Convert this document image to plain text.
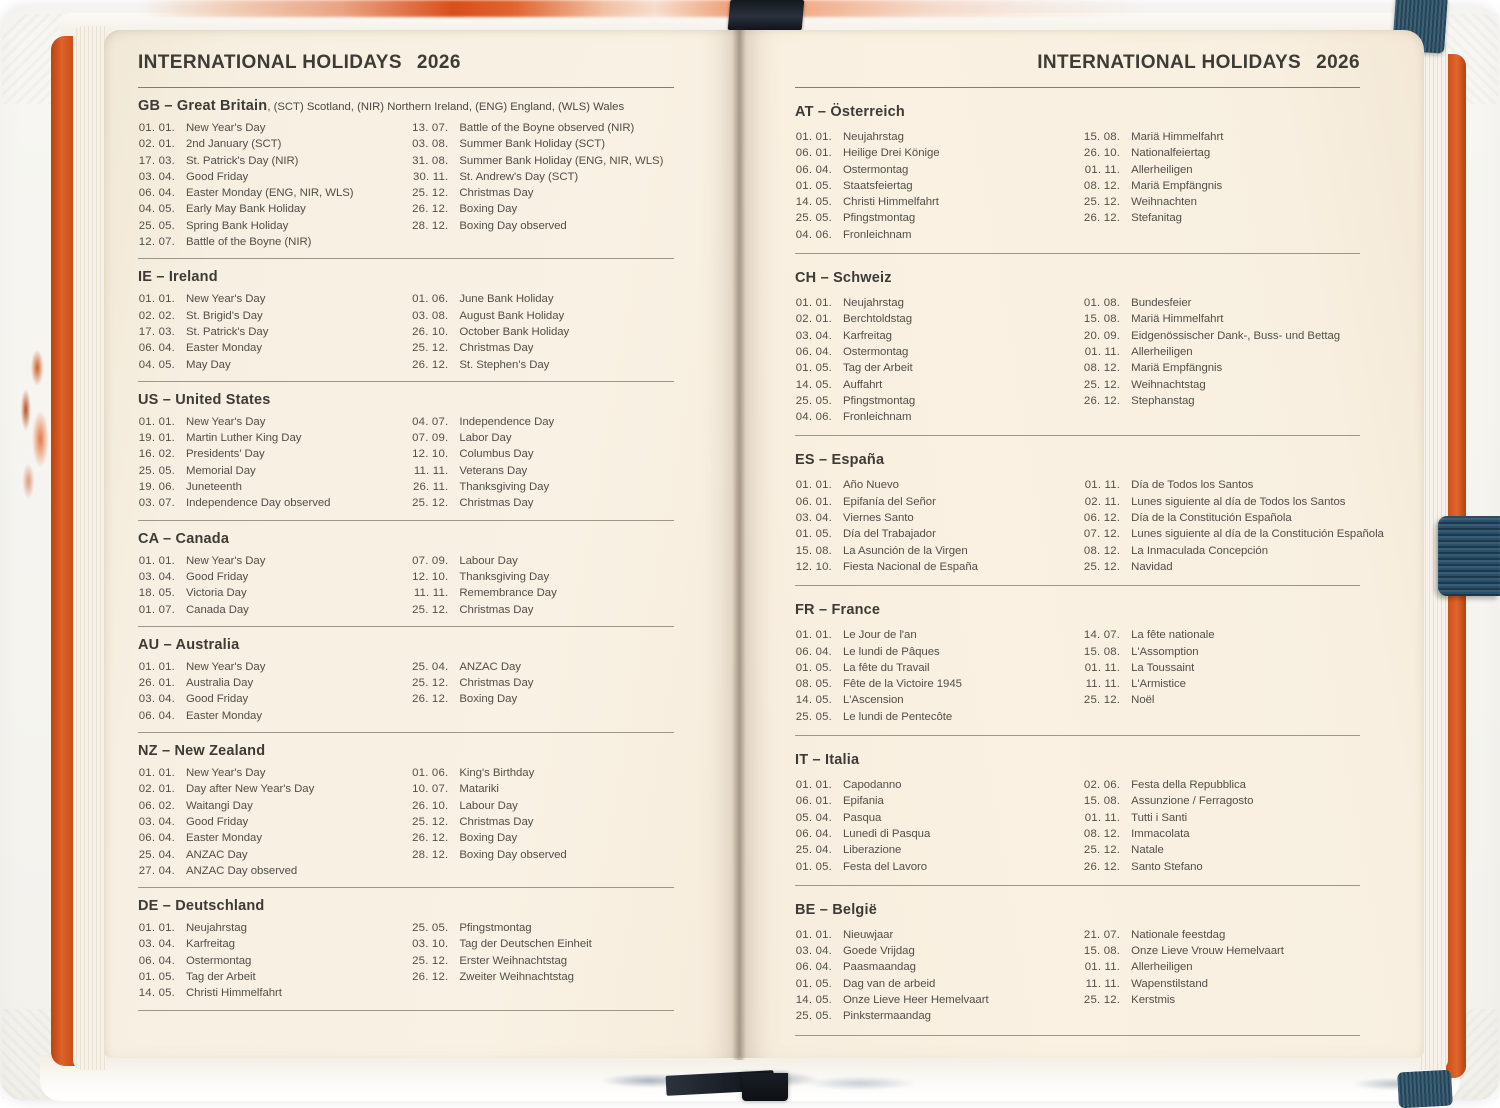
INTERNATIONAL HOLIDAYS 2026
GB – Great Britain, (SCT) Scotland, (NIR) Northern Ireland, (ENG) England, (WLS) Wales
01. 01. New Year's Day
02. 01. 2nd January (SCT)
17. 03. St. Patrick's Day (NIR)
03. 04. Good Friday
06. 04. Easter Monday (ENG, NIR, WLS)
04. 05. Early May Bank Holiday
25. 05. Spring Bank Holiday
12. 07. Battle of the Boyne (NIR)
13. 07. Battle of the Boyne observed (NIR)
03. 08. Summer Bank Holiday (SCT)
31. 08. Summer Bank Holiday (ENG, NIR, WLS)
30. 11. St. Andrew's Day (SCT)
25. 12. Christmas Day
26. 12. Boxing Day
28. 12. Boxing Day observed
IE – Ireland
01. 01. New Year's Day
02. 02. St. Brigid's Day
17. 03. St. Patrick's Day
06. 04. Easter Monday
04. 05. May Day
01. 06. June Bank Holiday
03. 08. August Bank Holiday
26. 10. October Bank Holiday
25. 12. Christmas Day
26. 12. St. Stephen's Day
US – United States
01. 01. New Year's Day
19. 01. Martin Luther King Day
16. 02. Presidents' Day
25. 05. Memorial Day
19. 06. Juneteenth
03. 07. Independence Day observed
04. 07. Independence Day
07. 09. Labor Day
12. 10. Columbus Day
11. 11. Veterans Day
26. 11. Thanksgiving Day
25. 12. Christmas Day
CA – Canada
01. 01. New Year's Day
03. 04. Good Friday
18. 05. Victoria Day
01. 07. Canada Day
07. 09. Labour Day
12. 10. Thanksgiving Day
11. 11. Remembrance Day
25. 12. Christmas Day
AU – Australia
01. 01. New Year's Day
26. 01. Australia Day
03. 04. Good Friday
06. 04. Easter Monday
25. 04. ANZAC Day
25. 12. Christmas Day
26. 12. Boxing Day
NZ – New Zealand
01. 01. New Year's Day
02. 01. Day after New Year's Day
06. 02. Waitangi Day
03. 04. Good Friday
06. 04. Easter Monday
25. 04. ANZAC Day
27. 04. ANZAC Day observed
01. 06. King's Birthday
10. 07. Matariki
26. 10. Labour Day
25. 12. Christmas Day
26. 12. Boxing Day
28. 12. Boxing Day observed
DE – Deutschland
01. 01. Neujahrstag
03. 04. Karfreitag
06. 04. Ostermontag
01. 05. Tag der Arbeit
14. 05. Christi Himmelfahrt
25. 05. Pfingstmontag
03. 10. Tag der Deutschen Einheit
25. 12. Erster Weihnachtstag
26. 12. Zweiter Weihnachtstag
INTERNATIONAL HOLIDAYS 2026
AT – Österreich
01. 01. Neujahrstag
06. 01. Heilige Drei Könige
06. 04. Ostermontag
01. 05. Staatsfeiertag
14. 05. Christi Himmelfahrt
25. 05. Pfingstmontag
04. 06. Fronleichnam
15. 08. Mariä Himmelfahrt
26. 10. Nationalfeiertag
01. 11. Allerheiligen
08. 12. Mariä Empfängnis
25. 12. Weihnachten
26. 12. Stefanitag
CH – Schweiz
01. 01. Neujahrstag
02. 01. Berchtoldstag
03. 04. Karfreitag
06. 04. Ostermontag
01. 05. Tag der Arbeit
14. 05. Auffahrt
25. 05. Pfingstmontag
04. 06. Fronleichnam
01. 08. Bundesfeier
15. 08. Mariä Himmelfahrt
20. 09. Eidgenössischer Dank-, Buss- und Bettag
01. 11. Allerheiligen
08. 12. Mariä Empfängnis
25. 12. Weihnachtstag
26. 12. Stephanstag
ES – España
01. 01. Año Nuevo
06. 01. Epifanía del Señor
03. 04. Viernes Santo
01. 05. Día del Trabajador
15. 08. La Asunción de la Virgen
12. 10. Fiesta Nacional de España
01. 11. Día de Todos los Santos
02. 11. Lunes siguiente al día de Todos los Santos
06. 12. Día de la Constitución Española
07. 12. Lunes siguiente al día de la Constitución Española
08. 12. La Inmaculada Concepción
25. 12. Navidad
FR – France
01. 01. Le Jour de l'an
06. 04. Le lundi de Pâques
01. 05. La fête du Travail
08. 05. Fête de la Victoire 1945
14. 05. L'Ascension
25. 05. Le lundi de Pentecôte
14. 07. La fête nationale
15. 08. L'Assomption
01. 11. La Toussaint
11. 11. L'Armistice
25. 12. Noël
IT – Italia
01. 01. Capodanno
06. 01. Epifania
05. 04. Pasqua
06. 04. Lunedi di Pasqua
25. 04. Liberazione
01. 05. Festa del Lavoro
02. 06. Festa della Repubblica
15. 08. Assunzione / Ferragosto
01. 11. Tutti i Santi
08. 12. Immacolata
25. 12. Natale
26. 12. Santo Stefano
BE – België
01. 01. Nieuwjaar
03. 04. Goede Vrijdag
06. 04. Paasmaandag
01. 05. Dag van de arbeid
14. 05. Onze Lieve Heer Hemelvaart
25. 05. Pinkstermaandag
21. 07. Nationale feestdag
15. 08. Onze Lieve Vrouw Hemelvaart
01. 11. Allerheiligen
11. 11. Wapenstilstand
25. 12. Kerstmis
